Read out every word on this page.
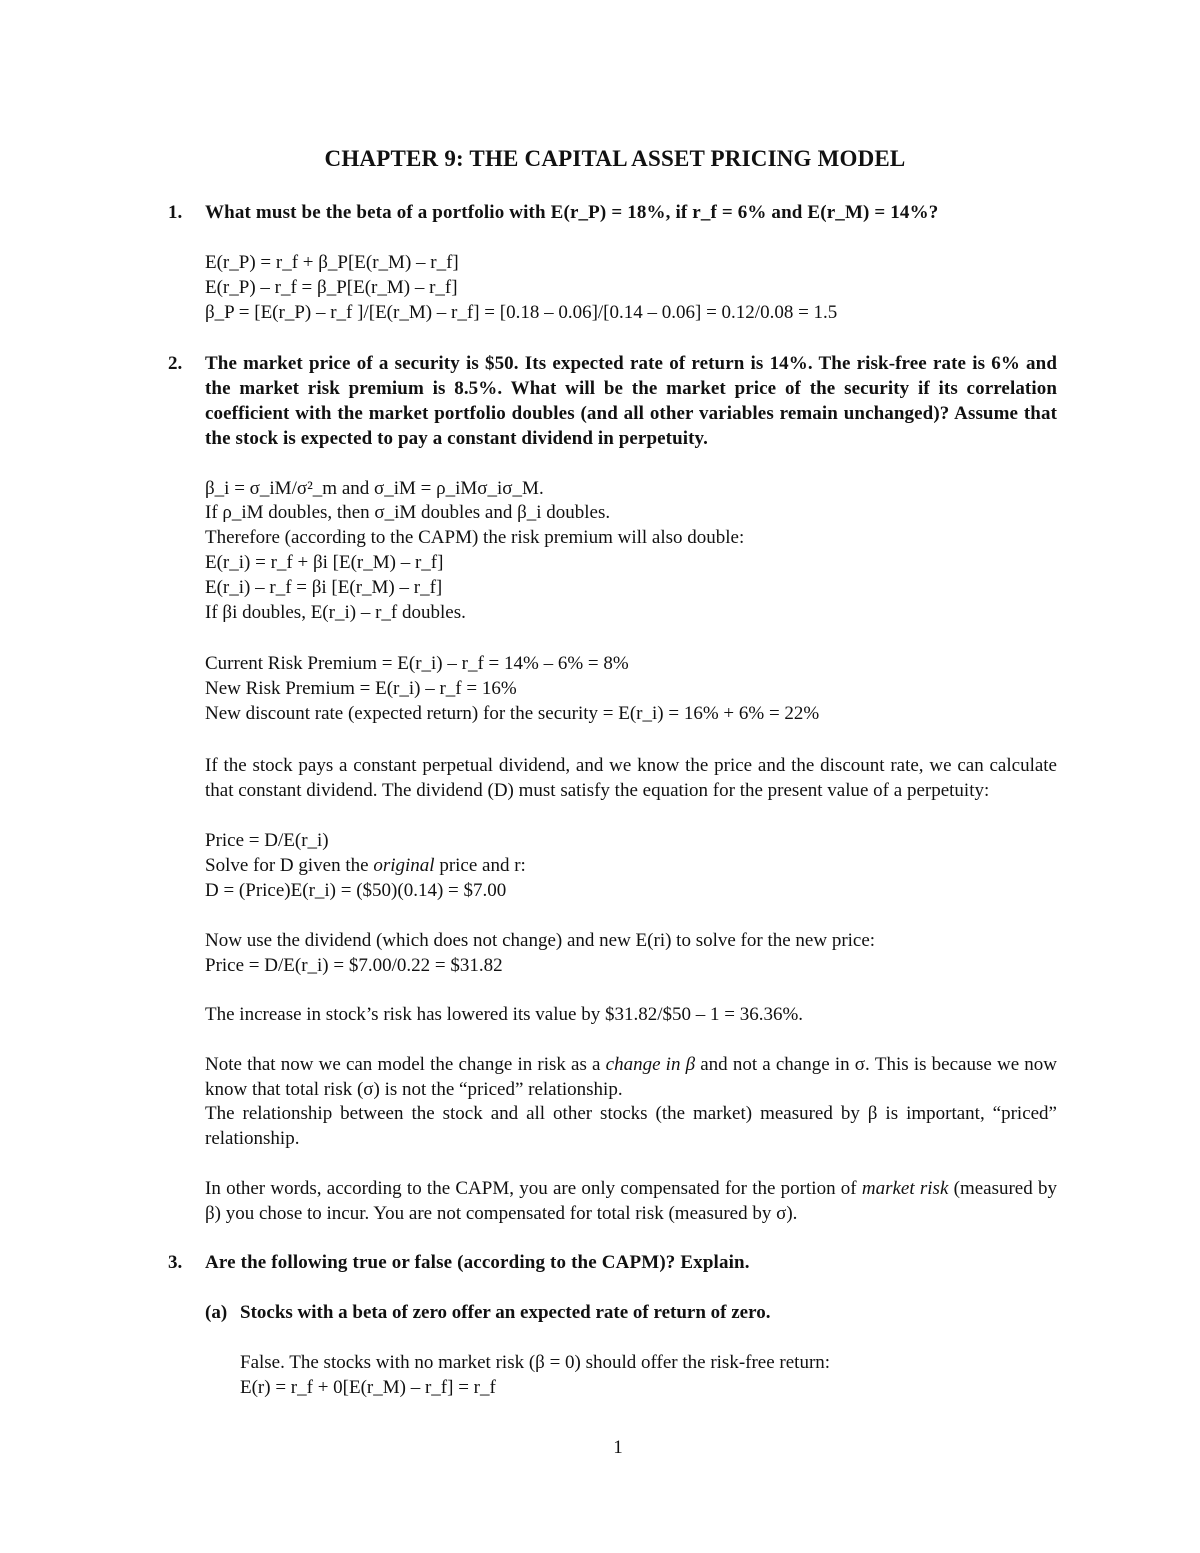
CHAPTER 9: THE CAPITAL ASSET PRICING MODEL
1. What must be the beta of a portfolio with E(r_P) = 18%, if r_f = 6% and E(r_M) = 14%?
E(r_P) = r_f + β_P[E(r_M) – r_f]
E(r_P) – r_f = β_P[E(r_M) – r_f]
β_P = [E(r_P) – r_f ]/[E(r_M) – r_f] = [0.18 – 0.06]/[0.14 – 0.06] = 0.12/0.08 = 1.5
2. The market price of a security is $50. Its expected rate of return is 14%. The risk-free rate is 6% and the market risk premium is 8.5%. What will be the market price of the security if its correlation coefficient with the market portfolio doubles (and all other variables remain unchanged)? Assume that the stock is expected to pay a constant dividend in perpetuity.
β_i = σ_iM/σ²_m and σ_iM = ρ_iMσ_iσ_M.
If ρ_iM doubles, then σ_iM doubles and β_i doubles.
Therefore (according to the CAPM) the risk premium will also double:
E(r_i) = r_f + βi [E(r_M) – r_f]
E(r_i) – r_f = βi [E(r_M) – r_f]
If βi doubles, E(r_i) – r_f doubles.
Current Risk Premium = E(r_i) – r_f = 14% – 6% = 8%
New Risk Premium = E(r_i) – r_f = 16%
New discount rate (expected return) for the security = E(r_i) = 16% + 6% = 22%
If the stock pays a constant perpetual dividend, and we know the price and the discount rate, we can calculate that constant dividend. The dividend (D) must satisfy the equation for the present value of a perpetuity:
Price = D/E(r_i)
Solve for D given the original price and r:
D = (Price)E(r_i) = ($50)(0.14) = $7.00
Now use the dividend (which does not change) and new E(ri) to solve for the new price:
Price = D/E(r_i) = $7.00/0.22 = $31.82
The increase in stock’s risk has lowered its value by $31.82/$50 – 1 = 36.36%.
Note that now we can model the change in risk as a change in β and not a change in σ. This is because we now know that total risk (σ) is not the “priced” relationship.
The relationship between the stock and all other stocks (the market) measured by β is important, “priced” relationship.
In other words, according to the CAPM, you are only compensated for the portion of market risk (measured by β) you chose to incur. You are not compensated for total risk (measured by σ).
3. Are the following true or false (according to the CAPM)? Explain.
(a) Stocks with a beta of zero offer an expected rate of return of zero.
False. The stocks with no market risk (β = 0) should offer the risk-free return:
E(r) = r_f + 0[E(r_M) – r_f] = r_f
1
